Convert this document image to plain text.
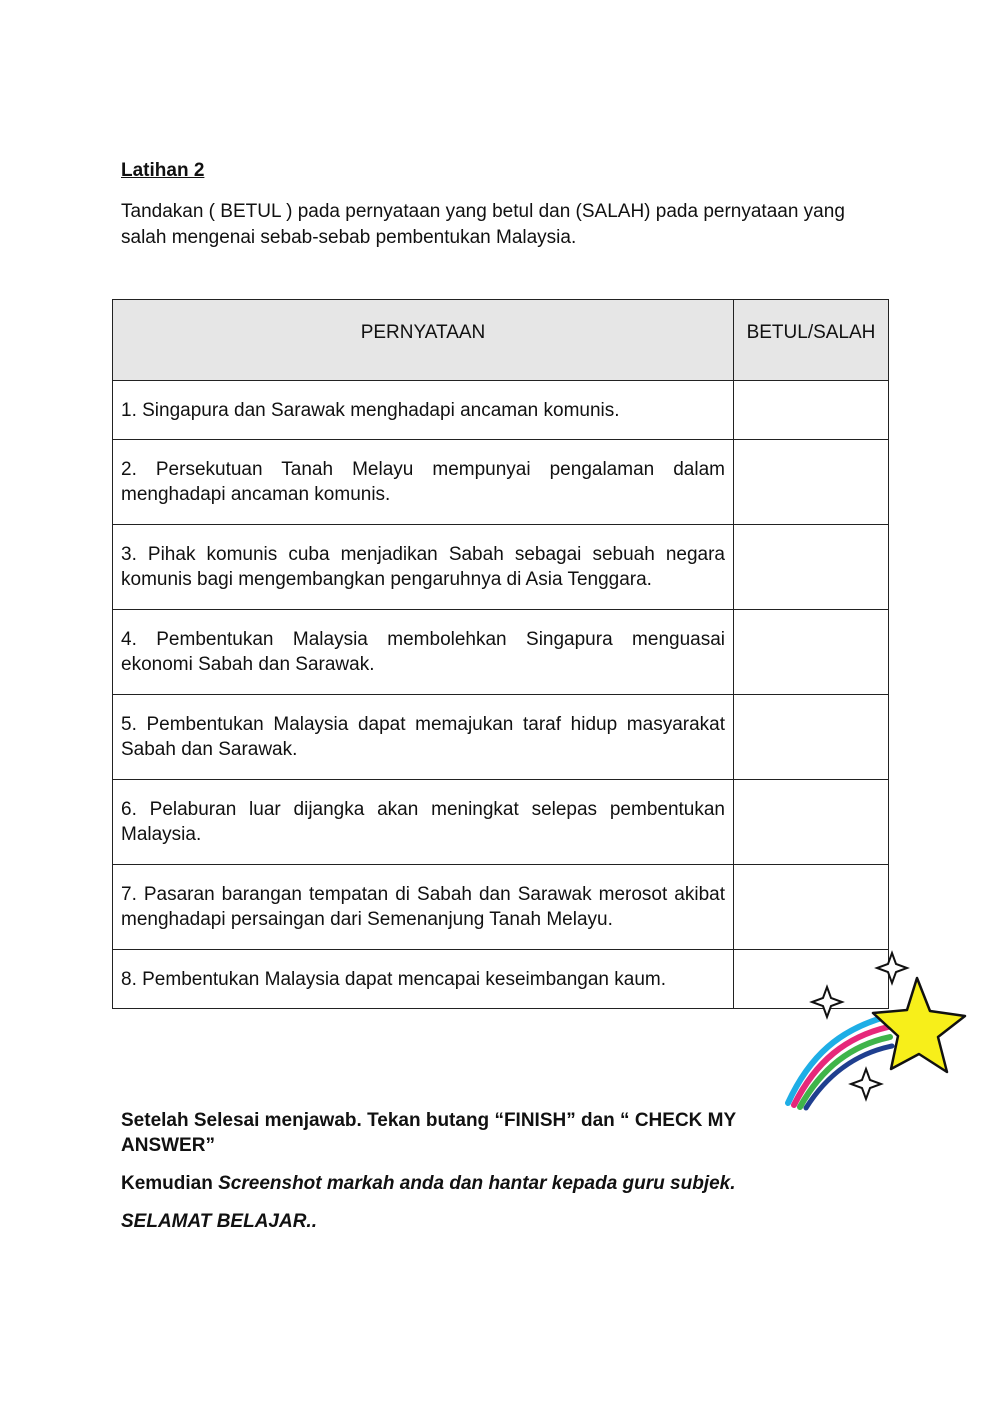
Latihan 2

Tandakan ( BETUL ) pada pernyataan yang betul dan (SALAH) pada pernyataan yang salah mengenai sebab-sebab pembentukan Malaysia.

PERNYATAAN	BETUL/SALAH
1. Singapura dan Sarawak menghadapi ancaman komunis.	
2. Persekutuan Tanah Melayu mempunyai pengalaman dalam menghadapi ancaman komunis.	
3. Pihak komunis cuba menjadikan Sabah sebagai sebuah negara komunis bagi mengembangkan pengaruhnya di Asia Tenggara.	
4. Pembentukan Malaysia membolehkan Singapura menguasai ekonomi Sabah dan Sarawak.	
5. Pembentukan Malaysia dapat memajukan taraf hidup masyarakat Sabah dan Sarawak.	
6. Pelaburan luar dijangka akan meningkat selepas pembentukan Malaysia.	
7. Pasaran barangan tempatan di Sabah dan Sarawak merosot akibat menghadapi persaingan dari Semenanjung Tanah Melayu.	
8. Pembentukan Malaysia dapat mencapai keseimbangan kaum.	

Setelah Selesai menjawab. Tekan butang “FINISH” dan “ CHECK MY ANSWER”

Kemudian Screenshot markah anda dan hantar kepada guru subjek.

SELAMAT BELAJAR..
